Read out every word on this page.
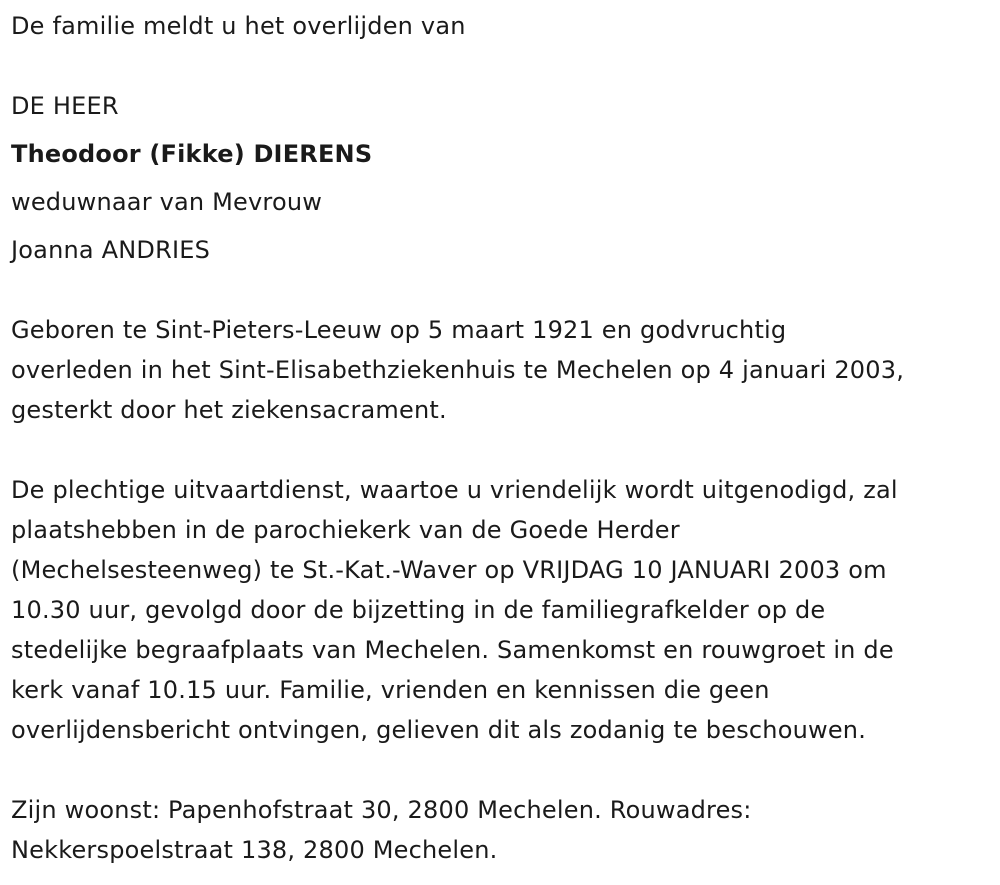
De familie meldt u het overlijden van

DE HEER

Theodoor (Fikke) DIERENS

weduwnaar van Mevrouw

Joanna ANDRIES

Geboren te Sint-Pieters-Leeuw op 5 maart 1921 en godvruchtig
overleden in het Sint-Elisabethziekenhuis te Mechelen op 4 januari 2003,
gesterkt door het ziekensacrament.
De plechtige uitvaartdienst, waartoe u vriendelijk wordt uitgenodigd, zal
plaatshebben in de parochiekerk van de Goede Herder
(Mechelsesteenweg) te St.-Kat.-Waver op VRIJDAG 10 JANUARI 2003 om
10.30 uur, gevolgd door de bijzetting in de familiegrafkelder op de
stedelijke begraafplaats van Mechelen. Samenkomst en rouwgroet in de
kerk vanaf 10.15 uur. Familie, vrienden en kennissen die geen
overlijdensbericht ontvingen, gelieven dit als zodanig te beschouwen.
Zijn woonst: Papenhofstraat 30, 2800 Mechelen. Rouwadres:
Nekkerspoelstraat 138, 2800 Mechelen.
